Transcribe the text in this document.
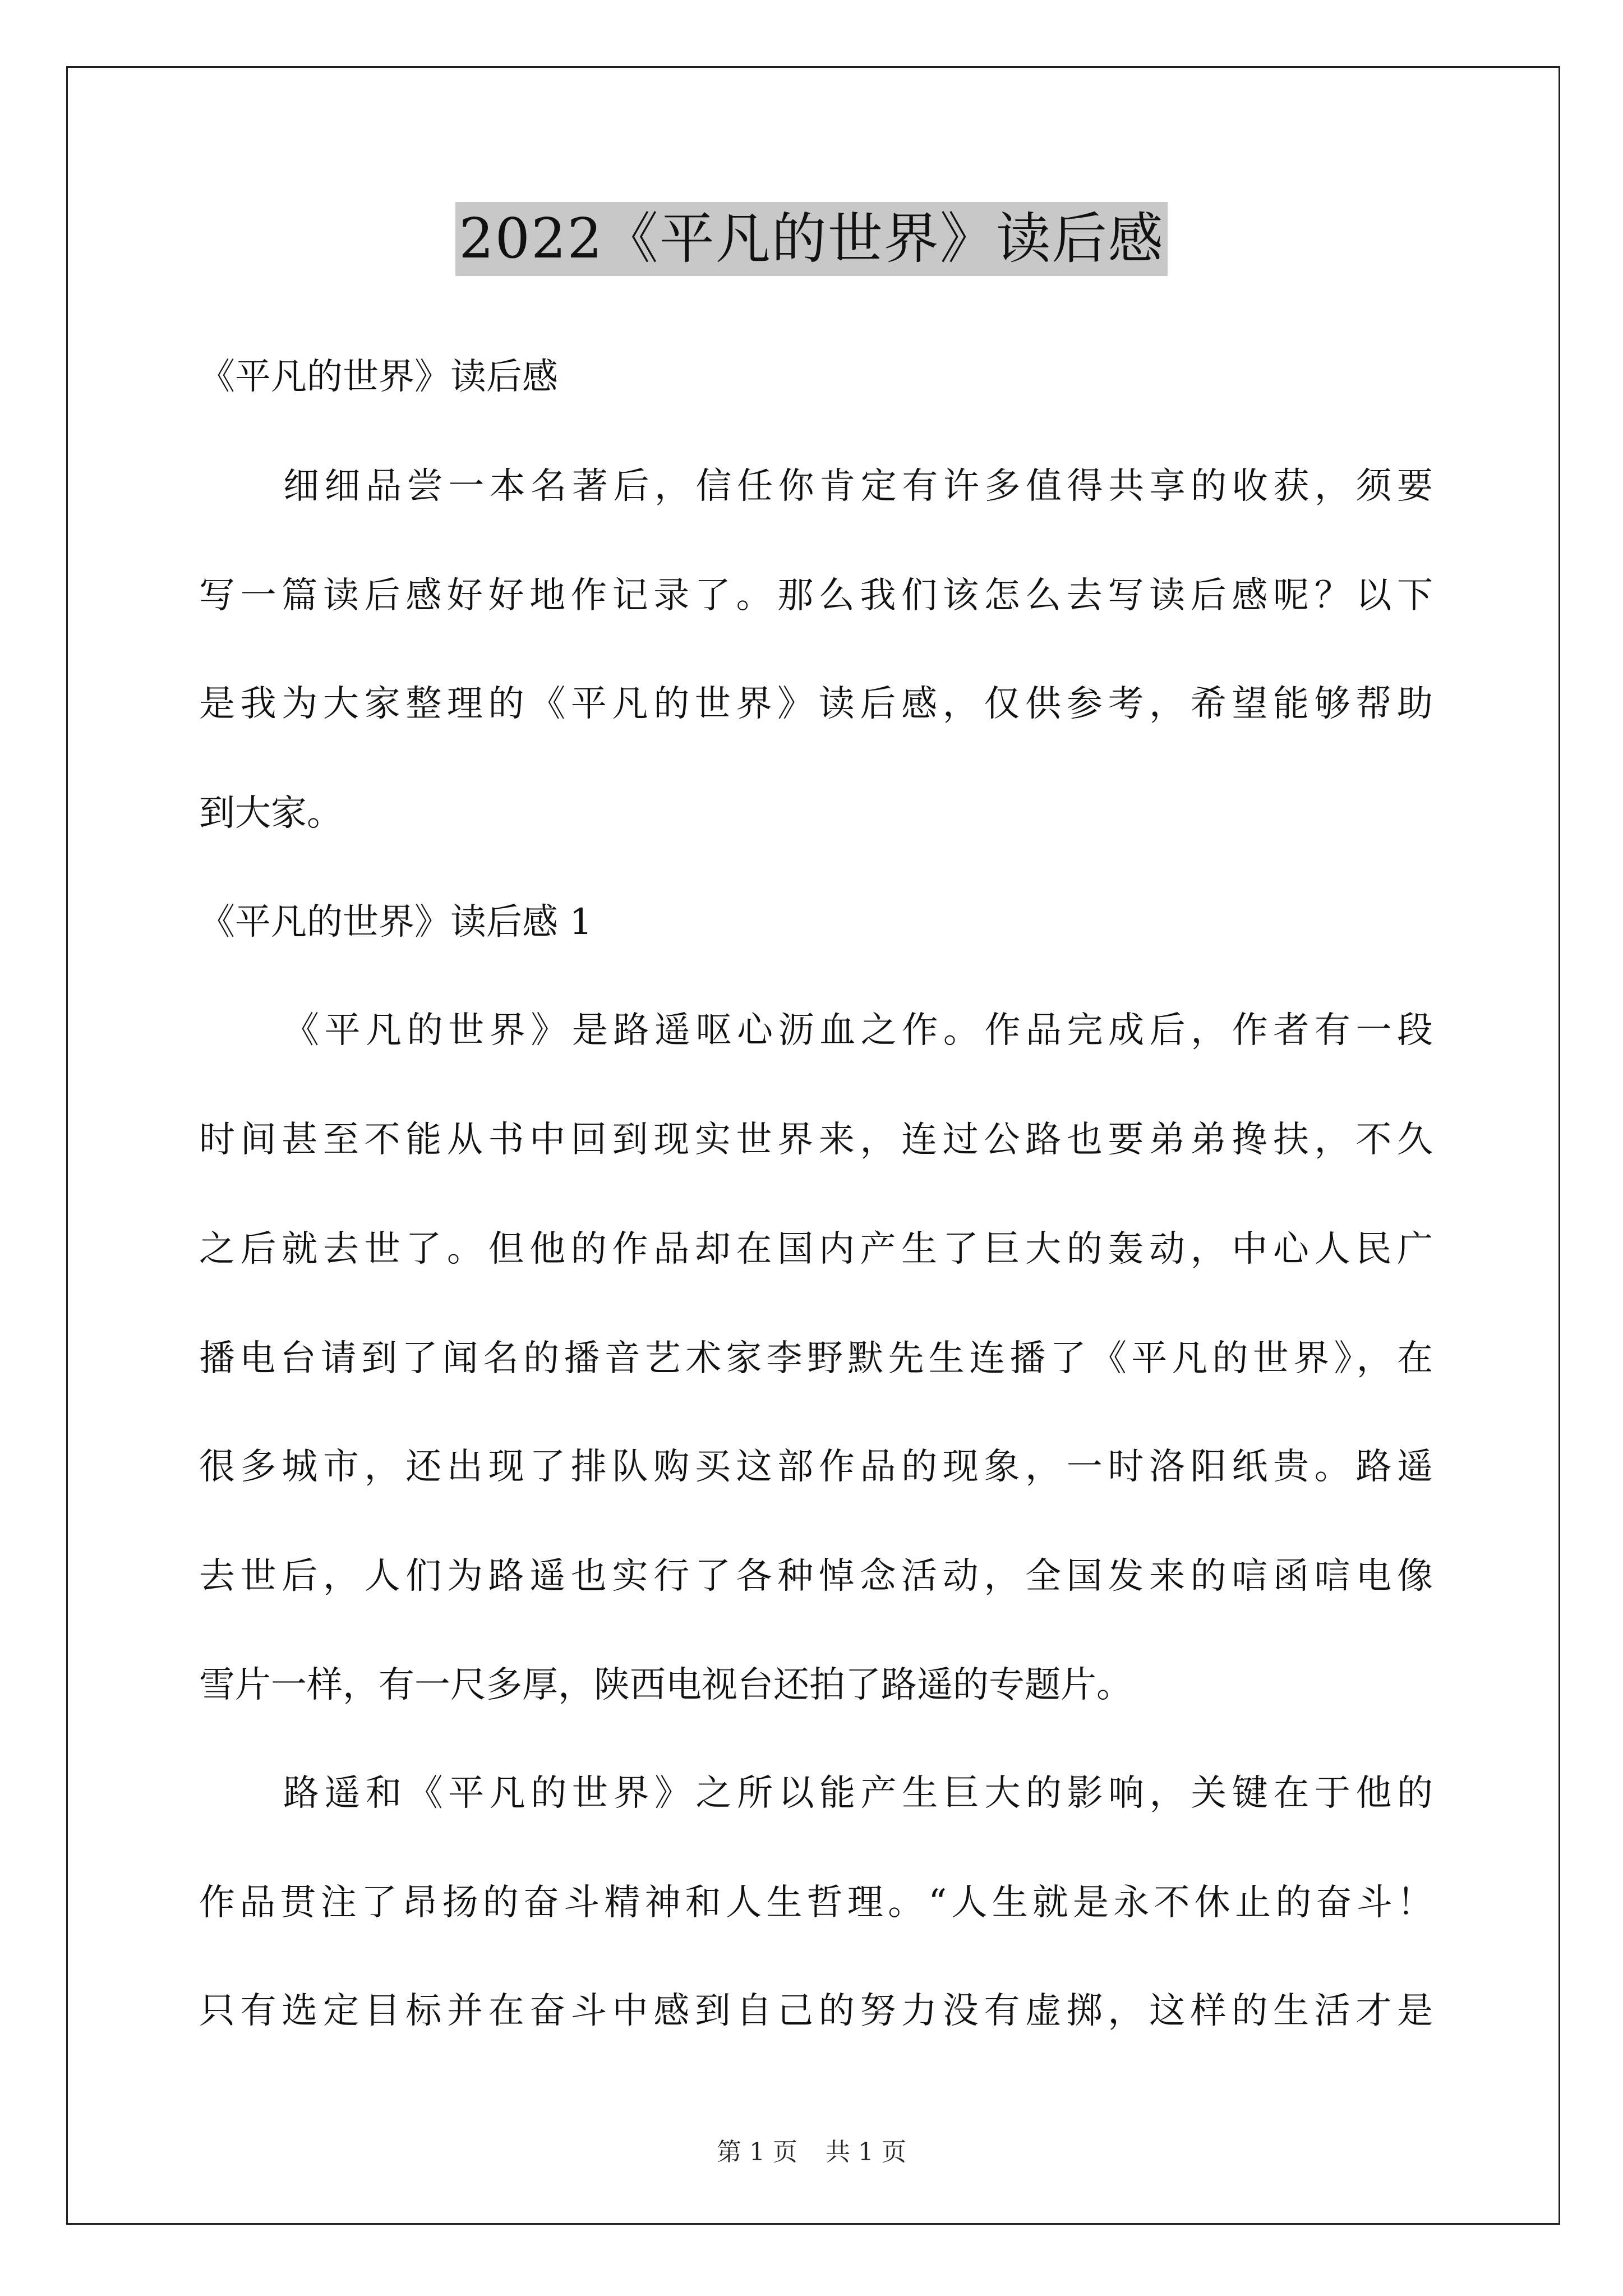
2022《平凡的世界》读后感
《平凡的世界》读后感
细细品尝一本名著后，信任你肯定有许多值得共享的收获，须要
写一篇读后感好好地作记录了。那么我们该怎么去写读后感呢？以下
是我为大家整理的《平凡的世界》读后感，仅供参考，希望能够帮助
到大家。
《平凡的世界》读后感 1
《平凡的世界》是路遥呕心沥血之作。作品完成后，作者有一段
时间甚至不能从书中回到现实世界来，连过公路也要弟弟搀扶，不久
之后就去世了。但他的作品却在国内产生了巨大的轰动，中心人民广
播电台请到了闻名的播音艺术家李野默先生连播了《平凡的世界》，在
很多城市，还出现了排队购买这部作品的现象，一时洛阳纸贵。路遥
去世后，人们为路遥也实行了各种悼念活动，全国发来的唁函唁电像
雪片一样，有一尺多厚，陕西电视台还拍了路遥的专题片。
路遥和《平凡的世界》之所以能产生巨大的影响，关键在于他的
作品贯注了昂扬的奋斗精神和人生哲理。“人生就是永不休止的奋斗！
只有选定目标并在奋斗中感到自己的努力没有虚掷，这样的生活才是
第 1 页 共 1 页
